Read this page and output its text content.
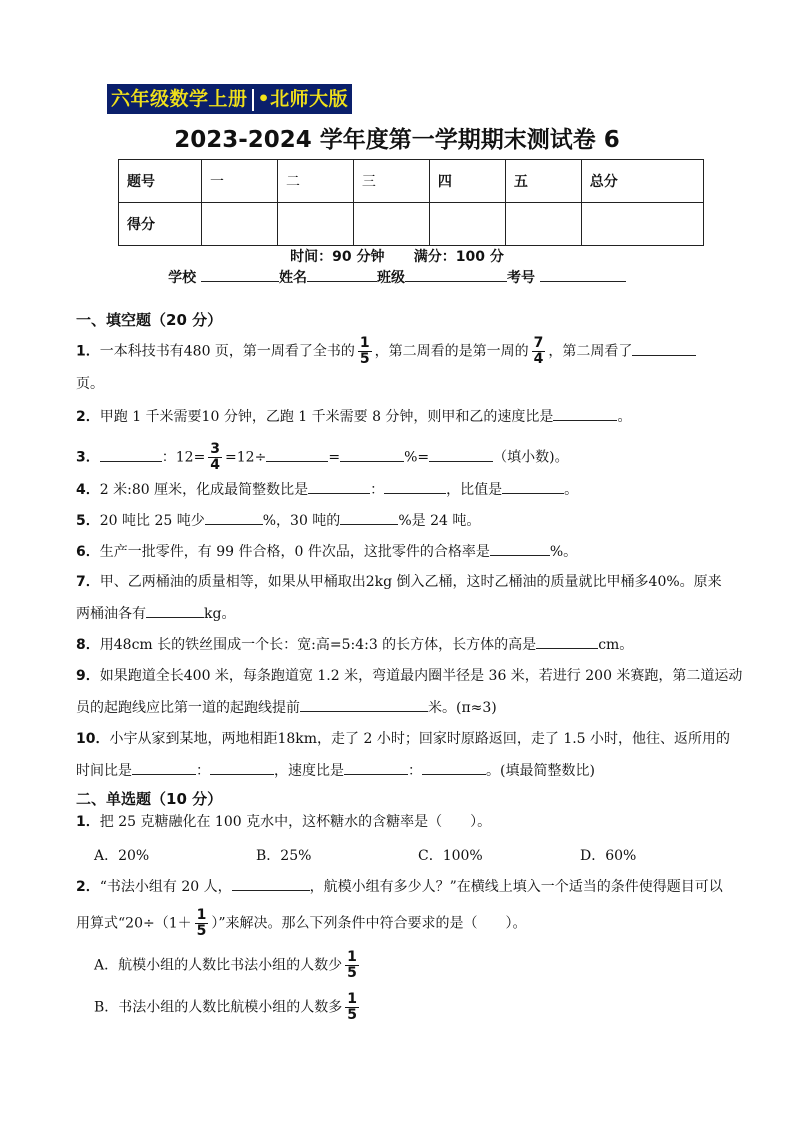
六年级数学上册 •北师大版
2023-2024 学年度第一学期期末测试卷 6
题号	一	二	三	四	五	总分
得分						
时间：90 分钟 满分：100 分
学校	姓名	班级	考号
一、填空题（20 分）
1．一本科技书有480 页，第一周看了全书的 $\frac{1}{5}$ ，第二周看的是第一周的 $\frac{7}{4}$ ，第二周看了
页。
2．甲跑 1 千米需要10 分钟，乙跑 1 千米需要 8 分钟，则甲和乙的速度比是	。
3．	：$12= \frac{3}{4} =12\div$	=	%=	（填小数)。
4．2 米:80 厘米，化成最简整数比是	：	，比值是	。
5．20 吨比 25 吨少	%，30 吨的	%是 24 吨。
6．生产一批零件，有 99 件合格，0 件次品，这批零件的合格率是	%。
7．甲、乙两桶油的质量相等，如果从甲桶取出2kg 倒入乙桶，这时乙桶油的质量就比甲桶多40%。原来
两桶油各有	kg。
8．用48cm 长的铁丝围成一个长：宽:高=5:4:3 的长方体，长方体的高是	cm。
9．如果跑道全长400 米，每条跑道宽 1.2 米，弯道最内圈半径是 36 米，若进行 200 米赛跑，第二道运动
员的起跑线应比第一道的起跑线提前	米。(π≈3)
10．小宇从家到某地，两地相距18km，走了 2 小时；回家时原路返回，走了 1.5 小时，他往、返所用的
时间比是	：	，速度比是	：	。(填最简整数比)
二、单选题（10 分）
1．把 25 克糖融化在 100 克水中，这杯糖水的含糖率是（　　）。
A．20%	B．25%	C．100%	D．60%
2．“书法小组有 20 人，	，航模小组有多少人？”在横线上填入一个适当的条件使得题目可以
用算式“$20\div(1+ \frac{1}{5}$ ）”来解决。那么下列条件中符合要求的是（　　）。
A．航模小组的人数比书法小组的人数少 $\frac{1}{5}$
B．书法小组的人数比航模小组的人数多 $\frac{1}{5}$
